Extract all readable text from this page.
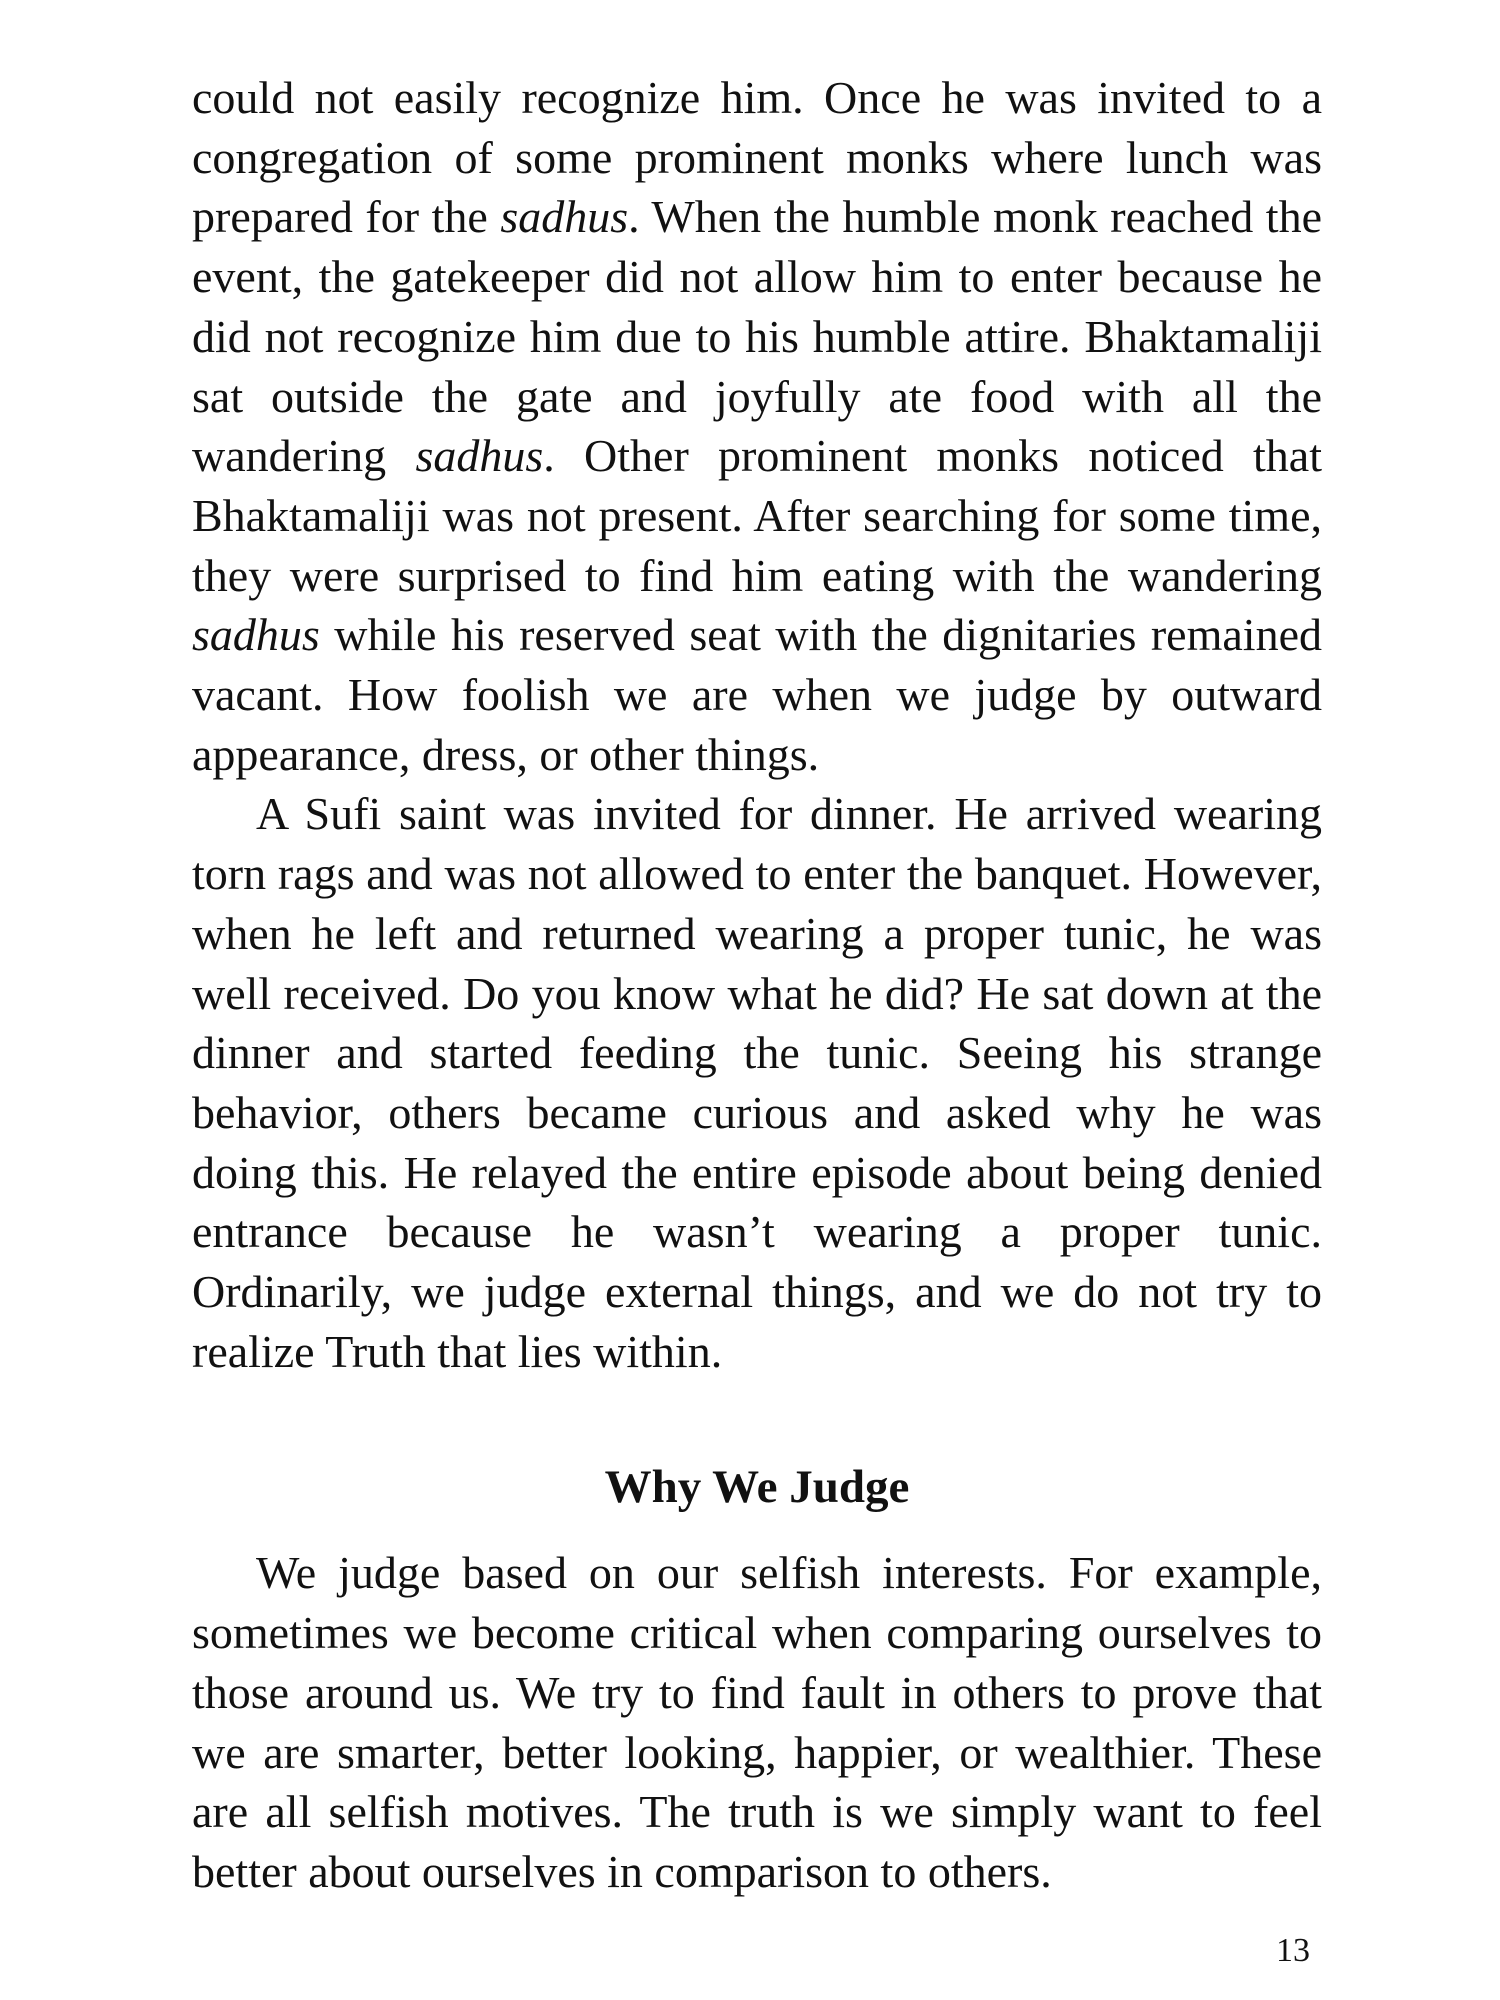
could not easily recognize him. Once he was invited to a congregation of some prominent monks where lunch was prepared for the sadhus. When the humble monk reached the event, the gatekeeper did not allow him to enter because he did not recognize him due to his humble attire. Bhaktamaliji sat outside the gate and joyfully ate food with all the wandering sadhus. Other prominent monks noticed that Bhaktamaliji was not present. After searching for some time, they were surprised to find him eating with the wandering sadhus while his reserved seat with the dignitaries remained vacant. How foolish we are when we judge by outward appearance, dress, or other things.

A Sufi saint was invited for dinner. He arrived wearing torn rags and was not allowed to enter the banquet. However, when he left and returned wearing a proper tunic, he was well received. Do you know what he did? He sat down at the dinner and started feeding the tunic. Seeing his strange behavior, others became curious and asked why he was doing this. He relayed the entire episode about being denied entrance because he wasn’t wearing a proper tunic. Ordinarily, we judge external things, and we do not try to realize Truth that lies within.

Why We Judge

We judge based on our selfish interests. For example, sometimes we become critical when comparing ourselves to those around us. We try to find fault in others to prove that we are smarter, better looking, happier, or wealthier. These are all selfish motives. The truth is we simply want to feel better about ourselves in comparison to others.

13
